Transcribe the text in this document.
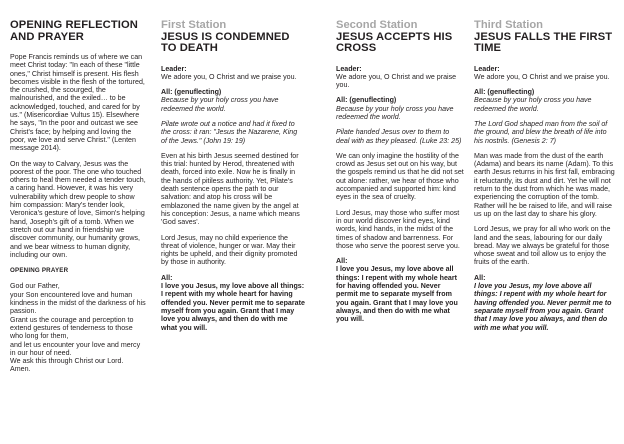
OPENING REFLECTION AND PRAYER

Pope Francis reminds us of where we can meet Christ today: "In each of these "little ones," Christ himself is present. His flesh becomes visible in the flesh of the tortured, the crushed, the scourged, the malnourished, and the exiled… to be acknowledged, touched, and cared for by us." (Misericordiae Vultus 15). Elsewhere he says, "In the poor and outcast we see Christ's face; by helping and loving the poor, we love and serve Christ." (Lenten message 2014).

On the way to Calvary, Jesus was the poorest of the poor. The one who touched others to heal them needed a tender touch, a caring hand. However, it was his very vulnerability which drew people to show him compassion: Mary's tender look, Veronica's gesture of love, Simon's helping hand, Joseph's gift of a tomb. When we stretch out our hand in friendship we discover community, our humanity grows, and we bear witness to human dignity, including our own.

OPENING PRAYER
God our Father,
your Son encountered love and human kindness in the midst of the darkness of his passion.
Grant us the courage and perception to extend gestures of tenderness to those who long for them,
and let us encounter your love and mercy in our hour of need.
We ask this through Christ our Lord.
Amen.
First Station
JESUS IS CONDEMNED TO DEATH

Leader:
We adore you, O Christ and we praise you.

All: (genuflecting)
Because by your holy cross you have redeemed the world.

Pilate wrote out a notice and had it fixed to the cross: it ran: "Jesus the Nazarene, King of the Jews." (John 19: 19)

Even at his birth Jesus seemed destined for this trial: hunted by Herod, threatened with death, forced into exile. Now he is finally in the hands of pitiless authority. Yet, Pilate's death sentence opens the path to our salvation: and atop his cross will be emblazoned the name given by the angel at his conception: Jesus, a name which means 'God saves'.

Lord Jesus, may no child experience the threat of violence, hunger or war. May their rights be upheld, and their dignity promoted by those in authority.

All:
I love you Jesus, my love above all things: I repent with my whole heart for having offended you. Never permit me to separate myself from you again. Grant that I may love you always, and then do with me what you will.

Second Station
JESUS ACCEPTS HIS CROSS

Leader:
We adore you, O Christ and we praise you.

All: (genuflecting)
Because by your holy cross you have redeemed the world.

Pilate handed Jesus over to them to deal with as they pleased. (Luke 23: 25)

We can only imagine the hostility of the crowd as Jesus set out on his way, but the gospels remind us that he did not set out alone: rather, we hear of those who accompanied and supported him: kind eyes in the sea of cruelty.

Lord Jesus, may those who suffer most in our world discover kind eyes, kind words, kind hands, in the midst of the times of shadow and barrenness. For those who serve the poorest serve you.

All:
I love you Jesus, my love above all things: I repent with my whole heart for having offended you. Never permit me to separate myself from you again. Grant that I may love you always, and then do with me what you will.

Third Station
JESUS FALLS THE FIRST TIME

Leader:
We adore you, O Christ and we praise you.

All: (genuflecting)
Because by your holy cross you have redeemed the world.

The Lord God shaped man from the soil of the ground, and blew the breath of life into his nostrils. (Genesis 2: 7)

Man was made from the dust of the earth (Adama) and bears its name (Adam). To this earth Jesus returns in his first fall, embracing it reluctantly, its dust and dirt. Yet he will not return to the dust from which he was made, experiencing the corruption of the tomb. Rather will he be raised to life, and will raise us up on the last day to share his glory.

Lord Jesus, we pray for all who work on the land and the seas, labouring for our daily bread. May we always be grateful for those whose sweat and toil allow us to enjoy the fruits of the earth.

All:
I love you Jesus, my love above all things: I repent with my whole heart for having offended you. Never permit me to separate myself from you again. Grant that I may love you always, and then do with me what you will.
